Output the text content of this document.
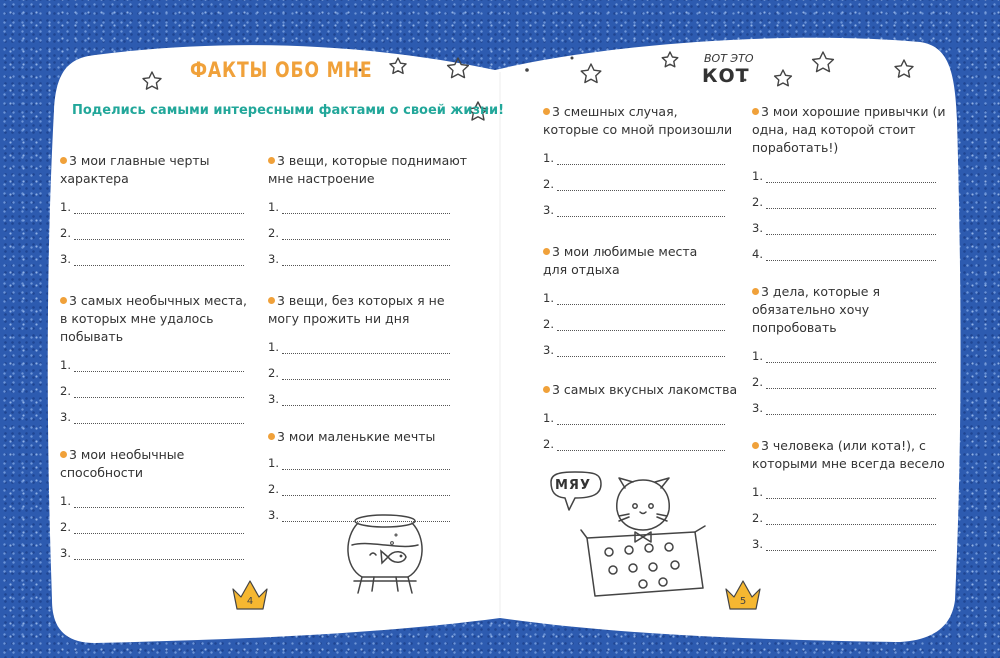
ФАКТЫ ОБО МНЕ	ВОТ ЭТО
КОТ
Поделись самыми интересными фактами о своей жизни!
3 мои главные черты характера
1.
2.
3.
3 самых необычных места, в которых мне удалось побывать
1.
2.
3.
3 мои необычные способности
1.
2.
3.
3 вещи, которые поднимают мне настроение
1.
2.
3.
3 вещи, без которых я не могу прожить ни дня
1.
2.
3.
3 мои маленькие мечты
1.
2.
3.
3 смешных случая, которые со мной произошли
1.
2.
3.
3 мои любимые места для отдыха
1.
2.
3.
3 самых вкусных лакомства
1.
2.
3 мои хорошие привычки (и одна, над которой стоит поработать!)
1.
2.
3.
4.
3 дела, которые я обязательно хочу попробовать
1.
2.
3.
3 человека (или кота!), с которыми мне всегда весело
1.
2.
3.
МЯУ
4	5
